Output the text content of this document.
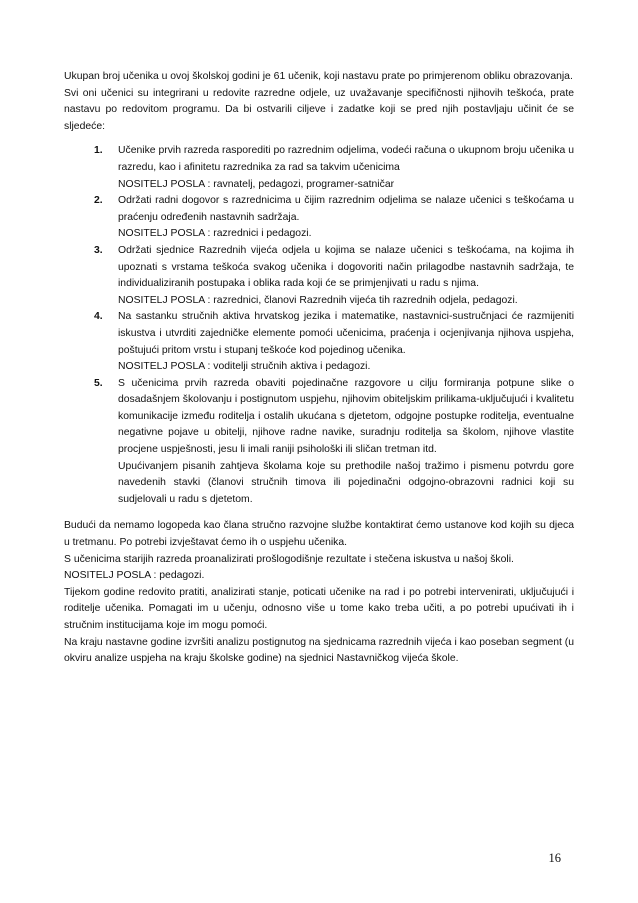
Ukupan broj učenika u ovoj školskoj godini je 61 učenik, koji nastavu prate po primjerenom obliku obrazovanja.

Svi oni učenici su integrirani u redovite razredne odjele, uz uvažavanje specifičnosti njihovih teškoća, prate nastavu po redovitom programu. Da bi ostvarili ciljeve i zadatke koji se pred njih postavljaju učinit će se sljedeće:

1. Učenike prvih razreda rasporediti po razrednim odjelima, vodeći računa o ukupnom broju učenika u razredu, kao i afinitetu razrednika za rad sa takvim učenicima
NOSITELJ POSLA : ravnatelj, pedagozi, programer-satničar
2. Održati radni dogovor s razrednicima u čijim razrednim odjelima se nalaze učenici s teškoćama u praćenju određenih nastavnih sadržaja.
NOSITELJ POSLA : razrednici i pedagozi.
3. Održati sjednice Razrednih vijeća odjela u kojima se nalaze učenici s teškoćama, na kojima ih upoznati s vrstama teškoća svakog učenika i dogovoriti način prilagodbe nastavnih sadržaja, te individualiziranih postupaka i oblika rada koji će se primjenjivati u radu s njima.
NOSITELJ POSLA : razrednici, članovi Razrednih vijeća tih razrednih odjela, pedagozi.
4. Na sastanku stručnih aktiva hrvatskog jezika i matematike, nastavnici-sustručnjaci će razmijeniti iskustva i utvrditi zajedničke elemente pomoći učenicima, praćenja i ocjenjivanja njihova uspjeha, poštujući pritom vrstu i stupanj teškoće kod pojedinog učenika.
NOSITELJ POSLA : voditelji stručnih aktiva i pedagozi.
5. S učenicima prvih razreda obaviti pojedinačne razgovore u cilju formiranja potpune slike o dosadašnjem školovanju i postignutom uspjehu, njihovim obiteljskim prilikama-uključujući i kvalitetu komunikacije između roditelja i ostalih ukućana s djetetom, odgojne postupke roditelja, eventualne negativne pojave u obitelji, njihove radne navike, suradnju roditelja sa školom, njihove vlastite procjene uspješnosti, jesu li imali raniji psihološki ili sličan tretman itd.
Upućivanjem pisanih zahtjeva školama koje su prethodile našoj tražimo i pismenu potvrdu gore navedenih stavki (članovi stručnih timova ili pojedinačni odgojno-obrazovni radnici koji su sudjelovali u radu s djetetom.

Budući da nemamo logopeda kao člana stručno razvojne službe kontaktirat ćemo ustanove kod kojih su djeca u tretmanu. Po potrebi izvještavat ćemo ih o uspjehu učenika.

S učenicima starijih razreda proanalizirati prošlogodišnje rezultate i stečena iskustva u našoj školi.

NOSITELJ POSLA : pedagozi.

Tijekom godine redovito pratiti, analizirati stanje, poticati učenike na rad i po potrebi intervenirati, uključujući i roditelje učenika. Pomagati im u učenju, odnosno više u tome kako treba učiti, a po potrebi upućivati ih i stručnim institucijama koje im mogu pomoći.

Na kraju nastavne godine izvršiti analizu postignutog na sjednicama razrednih vijeća i kao poseban segment (u okviru analize uspjeha na kraju školske godine) na sjednici Nastavničkog vijeća škole.

16
